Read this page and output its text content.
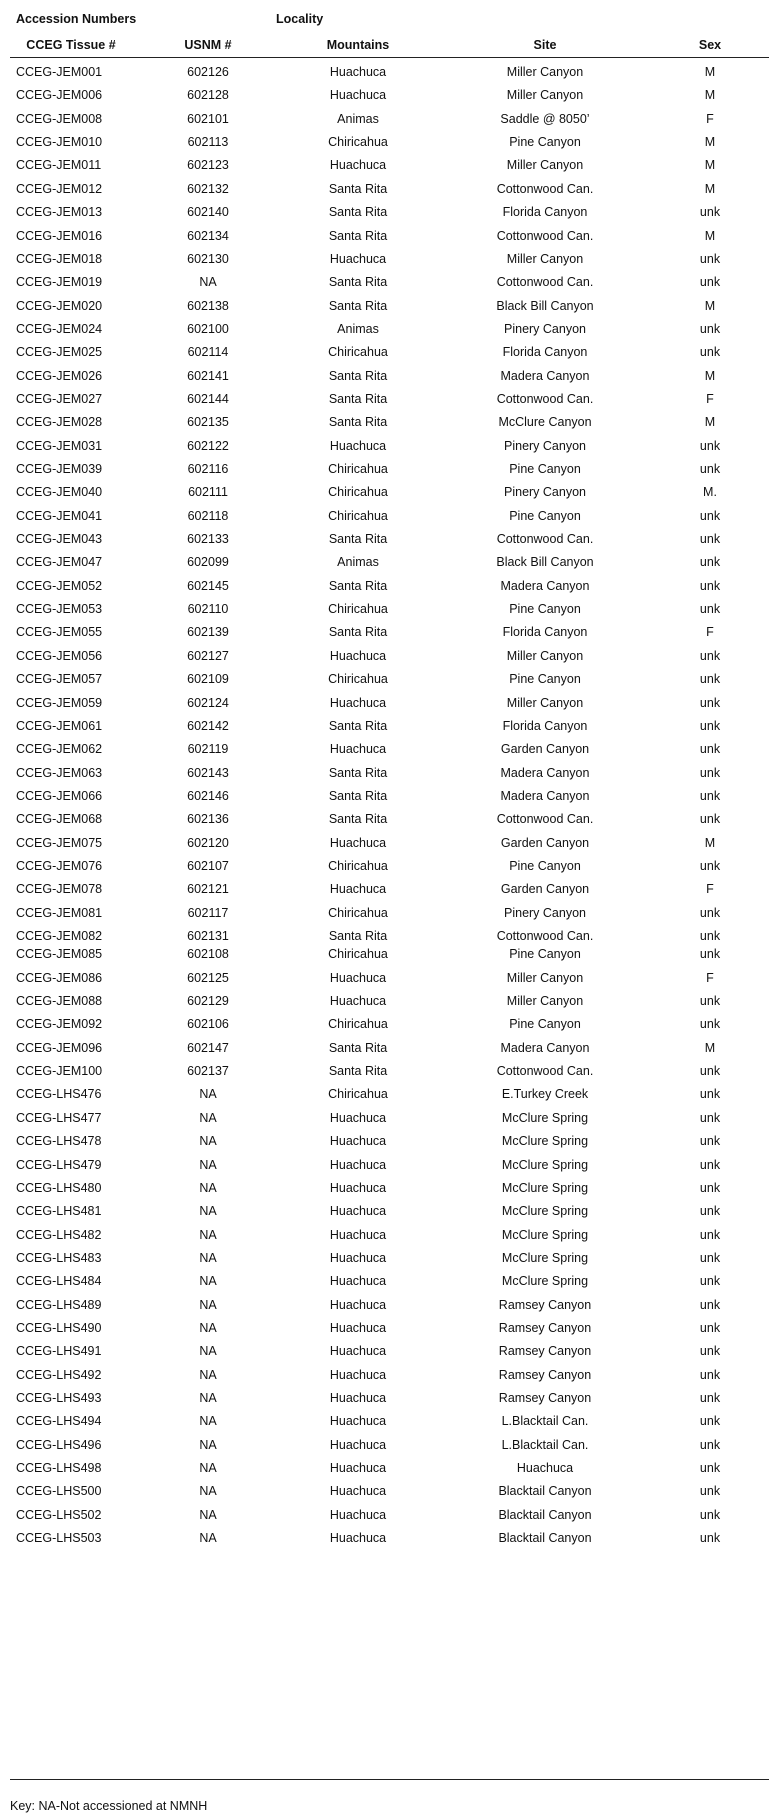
Accession Numbers	Locality
CCEG Tissue #	USNM #	Mountains	Site	Sex
CCEG-JEM001	602126	Huachuca	Miller Canyon	M
CCEG-JEM006	602128	Huachuca	Miller Canyon	M
CCEG-JEM008	602101	Animas	Saddle @ 8050’	F
CCEG-JEM010	602113	Chiricahua	Pine Canyon	M
CCEG-JEM011	602123	Huachuca	Miller Canyon	M
CCEG-JEM012	602132	Santa Rita	Cottonwood Can.	M
CCEG-JEM013	602140	Santa Rita	Florida Canyon	unk
CCEG-JEM016	602134	Santa Rita	Cottonwood Can.	M
CCEG-JEM018	602130	Huachuca	Miller Canyon	unk
CCEG-JEM019	NA	Santa Rita	Cottonwood Can.	unk
CCEG-JEM020	602138	Santa Rita	Black Bill Canyon	M
CCEG-JEM024	602100	Animas	Pinery Canyon	unk
CCEG-JEM025	602114	Chiricahua	Florida Canyon	unk
CCEG-JEM026	602141	Santa Rita	Madera Canyon	M
CCEG-JEM027	602144	Santa Rita	Cottonwood Can.	F
CCEG-JEM028	602135	Santa Rita	McClure Canyon	M
CCEG-JEM031	602122	Huachuca	Pinery Canyon	unk
CCEG-JEM039	602116	Chiricahua	Pine Canyon	unk
CCEG-JEM040	602111	Chiricahua	Pinery Canyon	M.
CCEG-JEM041	602118	Chiricahua	Pine Canyon	unk
CCEG-JEM043	602133	Santa Rita	Cottonwood Can.	unk
CCEG-JEM047	602099	Animas	Black Bill Canyon	unk
CCEG-JEM052	602145	Santa Rita	Madera Canyon	unk
CCEG-JEM053	602110	Chiricahua	Pine Canyon	unk
CCEG-JEM055	602139	Santa Rita	Florida Canyon	F
CCEG-JEM056	602127	Huachuca	Miller Canyon	unk
CCEG-JEM057	602109	Chiricahua	Pine Canyon	unk
CCEG-JEM059	602124	Huachuca	Miller Canyon	unk
CCEG-JEM061	602142	Santa Rita	Florida Canyon	unk
CCEG-JEM062	602119	Huachuca	Garden Canyon	unk
CCEG-JEM063	602143	Santa Rita	Madera Canyon	unk
CCEG-JEM066	602146	Santa Rita	Madera Canyon	unk
CCEG-JEM068	602136	Santa Rita	Cottonwood Can.	unk
CCEG-JEM075	602120	Huachuca	Garden Canyon	M
CCEG-JEM076	602107	Chiricahua	Pine Canyon	unk
CCEG-JEM078	602121	Huachuca	Garden Canyon	F
CCEG-JEM081	602117	Chiricahua	Pinery Canyon	unk
CCEG-JEM082	602131	Santa Rita	Cottonwood Can.	unk
CCEG-JEM085	602108	Chiricahua	Pine Canyon	unk
CCEG-JEM086	602125	Huachuca	Miller Canyon	F
CCEG-JEM088	602129	Huachuca	Miller Canyon	unk
CCEG-JEM092	602106	Chiricahua	Pine Canyon	unk
CCEG-JEM096	602147	Santa Rita	Madera Canyon	M
CCEG-JEM100	602137	Santa Rita	Cottonwood Can.	unk
CCEG-LHS476	NA	Chiricahua	E.Turkey Creek	unk
CCEG-LHS477	NA	Huachuca	McClure Spring	unk
CCEG-LHS478	NA	Huachuca	McClure Spring	unk
CCEG-LHS479	NA	Huachuca	McClure Spring	unk
CCEG-LHS480	NA	Huachuca	McClure Spring	unk
CCEG-LHS481	NA	Huachuca	McClure Spring	unk
CCEG-LHS482	NA	Huachuca	McClure Spring	unk
CCEG-LHS483	NA	Huachuca	McClure Spring	unk
CCEG-LHS484	NA	Huachuca	McClure Spring	unk
CCEG-LHS489	NA	Huachuca	Ramsey Canyon	unk
CCEG-LHS490	NA	Huachuca	Ramsey Canyon	unk
CCEG-LHS491	NA	Huachuca	Ramsey Canyon	unk
CCEG-LHS492	NA	Huachuca	Ramsey Canyon	unk
CCEG-LHS493	NA	Huachuca	Ramsey Canyon	unk
CCEG-LHS494	NA	Huachuca	L.Blacktail Can.	unk
CCEG-LHS496	NA	Huachuca	L.Blacktail Can.	unk
CCEG-LHS498	NA	Huachuca	Huachuca	unk
CCEG-LHS500	NA	Huachuca	Blacktail Canyon	unk
CCEG-LHS502	NA	Huachuca	Blacktail Canyon	unk
CCEG-LHS503	NA	Huachuca	Blacktail Canyon	unk
Key: NA-Not accessioned at NMNH
